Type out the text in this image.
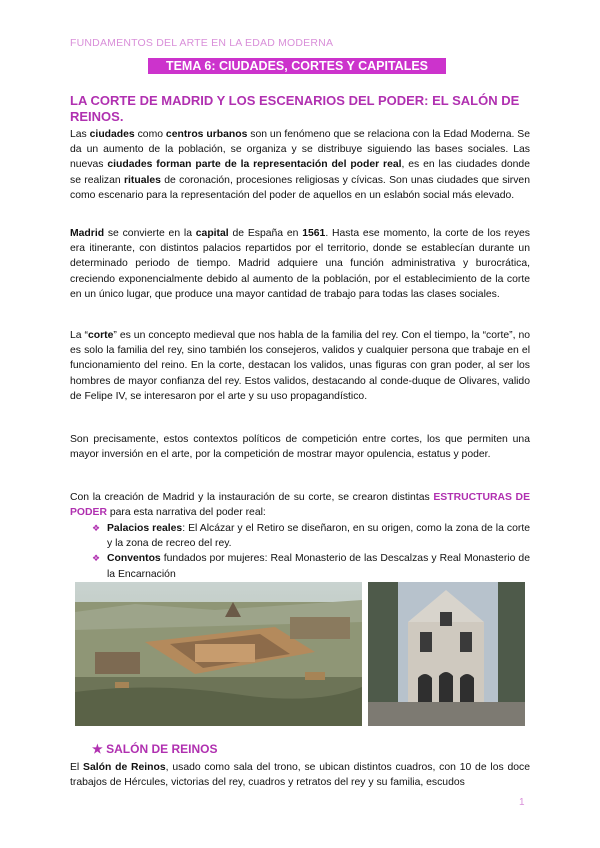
FUNDAMENTOS DEL ARTE EN LA EDAD MODERNA
TEMA 6: CIUDADES, CORTES Y CAPITALES
LA CORTE DE MADRID Y LOS ESCENARIOS DEL PODER: EL SALÓN DE REINOS.

Las ciudades como centros urbanos son un fenómeno que se relaciona con la Edad Moderna. Se da un aumento de la población, se organiza y se distribuye siguiendo las bases sociales. Las nuevas ciudades forman parte de la representación del poder real, es en las ciudades donde se realizan rituales de coronación, procesiones religiosas y cívicas. Son unas ciudades que sirven como escenario para la representación del poder de aquellos en un eslabón social más elevado.

Madrid se convierte en la capital de España en 1561. Hasta ese momento, la corte de los reyes era itinerante, con distintos palacios repartidos por el territorio, donde se establecían durante un determinado periodo de tiempo. Madrid adquiere una función administrativa y burocrática, creciendo exponencialmente debido al aumento de la población, por el establecimiento de la corte en un único lugar, que produce una mayor cantidad de trabajo para todas las clases sociales.

La “corte” es un concepto medieval que nos habla de la familia del rey. Con el tiempo, la “corte”, no es solo la familia del rey, sino también los consejeros, validos y cualquier persona que trabaje en el funcionamiento del reino. En la corte, destacan los validos, unas figuras con gran poder, al ser los hombres de mayor confianza del rey. Estos validos, destacando al conde-duque de Olivares, valido de Felipe IV, se interesaron por el arte y su uso propagandístico.

Son precisamente, estos contextos políticos de competición entre cortes, los que permiten una mayor inversión en el arte, por la competición de mostrar mayor opulencia, estatus y poder.

Con la creación de Madrid y la instauración de su corte, se crearon distintas ESTRUCTURAS DE PODER para esta narrativa del poder real:

❖ Palacios reales: El Alcázar y el Retiro se diseñaron, en su origen, como la zona de la corte y la zona de recreo del rey.
❖ Conventos fundados por mujeres: Real Monasterio de las Descalzas y Real Monasterio de la Encarnación
★ SALÓN DE REINOS

El Salón de Reinos, usado como sala del trono, se ubican distintos cuadros, con 10 de los doce trabajos de Hércules, victorias del rey, cuadros y retratos del rey y su familia, escudos

1
